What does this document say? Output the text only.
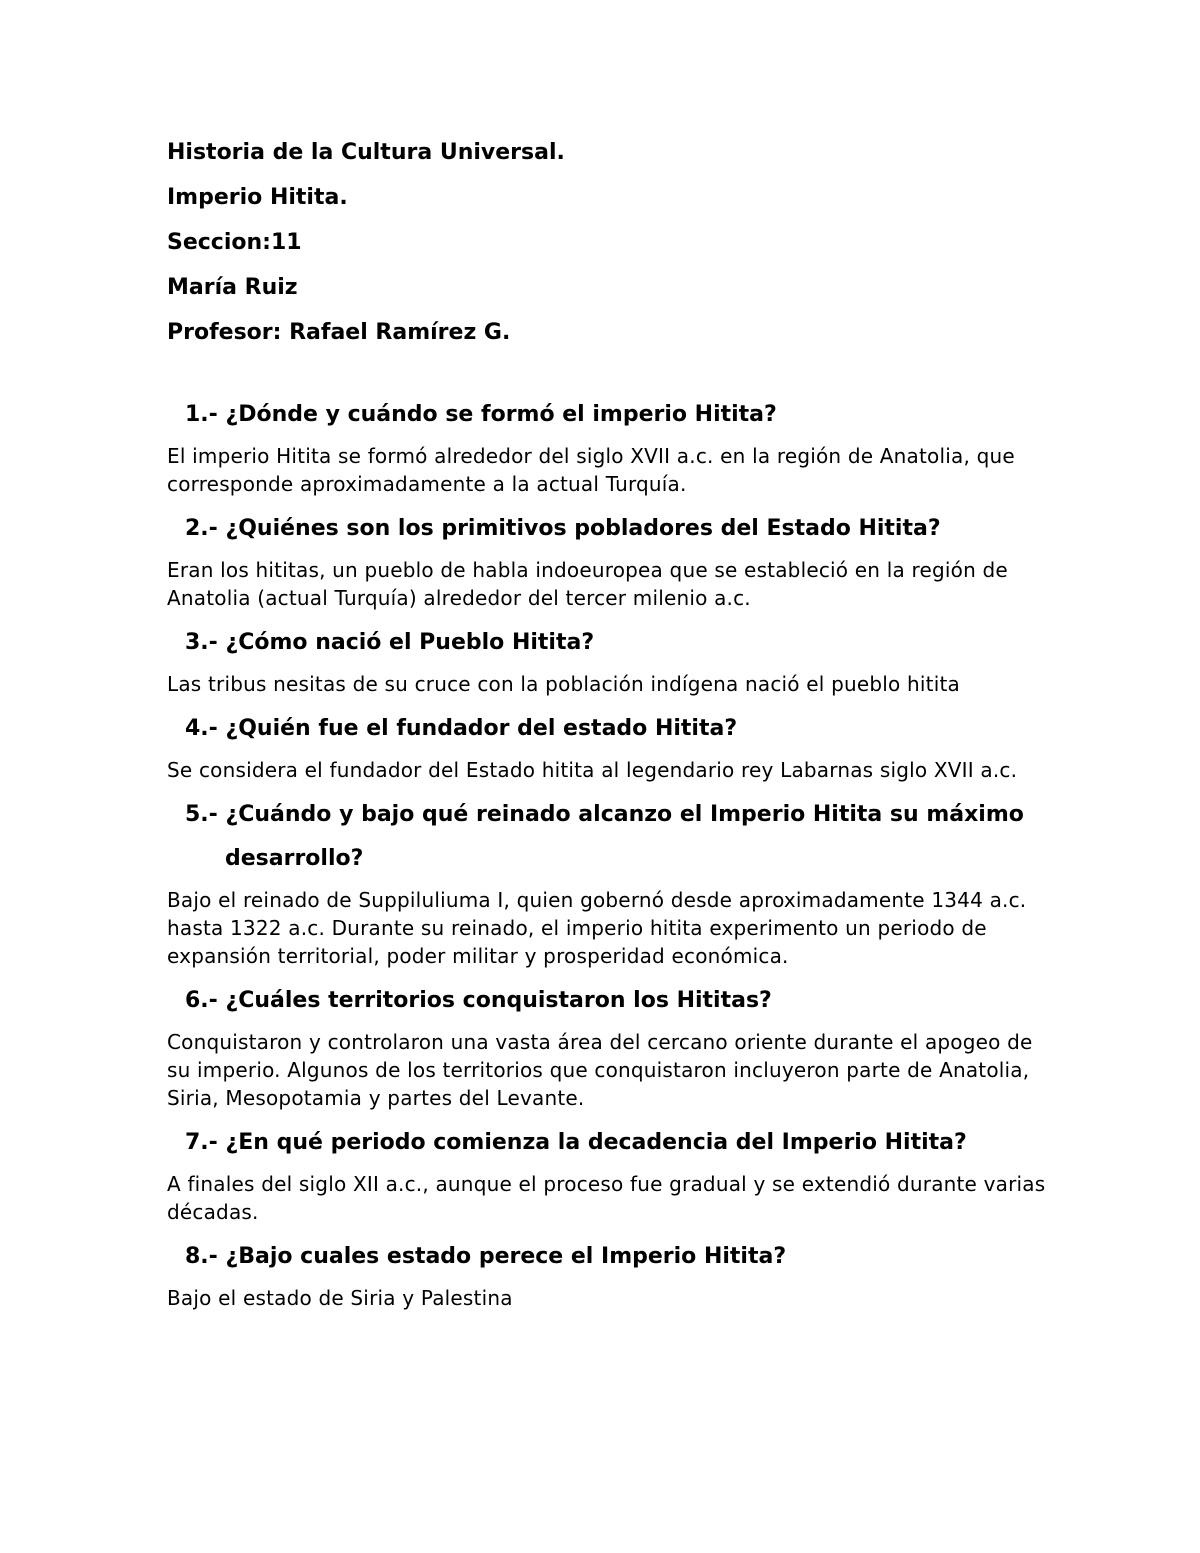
Historia de la Cultura Universal.
Imperio Hitita.
Seccion:11
María Ruiz
Profesor: Rafael Ramírez G.
1.- ¿Dónde y cuándo se formó el imperio Hitita?
El imperio Hitita se formó alrededor del siglo XVII a.c. en la región de Anatolia, que corresponde aproximadamente a la actual Turquía.
2.- ¿Quiénes son los primitivos pobladores del Estado Hitita?
Eran los hititas, un pueblo de habla indoeuropea que se estableció en la región de Anatolia (actual Turquía) alrededor del tercer milenio a.c.
3.- ¿Cómo nació el Pueblo Hitita?
Las tribus nesitas de su cruce con la población indígena nació el pueblo hitita
4.- ¿Quién fue el fundador del estado Hitita?
Se considera el fundador del Estado hitita al legendario rey Labarnas siglo XVII a.c.
5.- ¿Cuándo y bajo qué reinado alcanzo el Imperio Hitita su máximo
desarrollo?
Bajo el reinado de Suppiluliuma I, quien gobernó desde aproximadamente 1344 a.c. hasta 1322 a.c. Durante su reinado, el imperio hitita experimento un periodo de expansión territorial, poder militar y prosperidad económica.
6.- ¿Cuáles territorios conquistaron los Hititas?
Conquistaron y controlaron una vasta área del cercano oriente durante el apogeo de su imperio. Algunos de los territorios que conquistaron incluyeron parte de Anatolia, Siria, Mesopotamia y partes del Levante.
7.- ¿En qué periodo comienza la decadencia del Imperio Hitita?
A finales del siglo XII a.c., aunque el proceso fue gradual y se extendió durante varias décadas.
8.- ¿Bajo cuales estado perece el Imperio Hitita?
Bajo el estado de Siria y Palestina
